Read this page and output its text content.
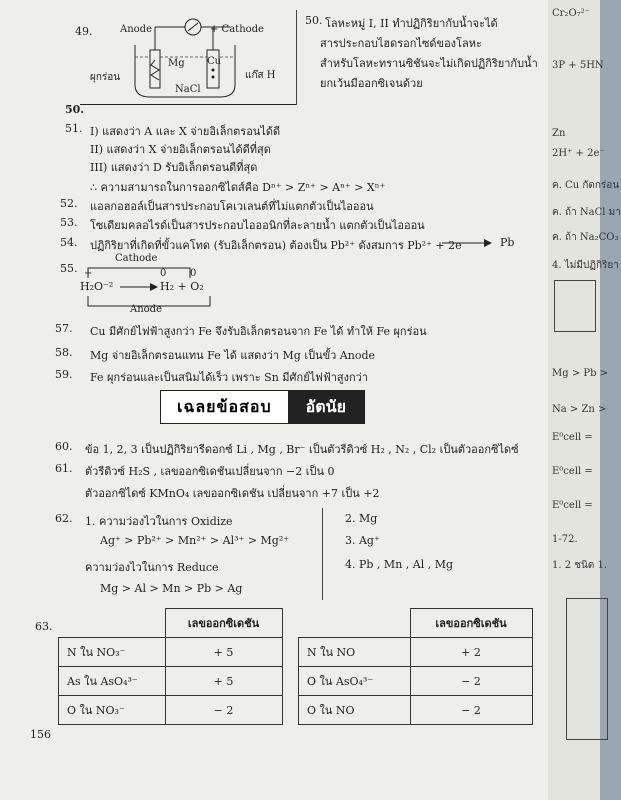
49.	Anode	+ Cathode
Mg Cu
ผุกร่อน	แก๊ส H
NaCl
50. โลหะหมู่ I, II ทำปฏิกิริยากับน้ำจะได้
สารประกอบไฮดรอกไซด์ของโลหะ
สำหรับโลหะทรานซิชันจะไม่เกิดปฏิกิริยากับน้ำ
ยกเว้นมีออกซิเจนด้วย
50.
51. I) แสดงว่า A และ X จ่ายอิเล็กตรอนได้ดี
II) แสดงว่า X จ่ายอิเล็กตรอนได้ดีที่สุด
III) แสดงว่า D รับอิเล็กตรอนดีที่สุด
∴ ความสามารถในการออกซิไดส์คือ Dⁿ⁺ > Zⁿ⁺ > Aⁿ⁺ > Xⁿ⁺
52. แอลกอฮอล์เป็นสารประกอบโคเวเลนต์ที่ไม่แตกตัวเป็นไอออน
53. โซเดียมคลอไรด์เป็นสารประกอบไอออนิกที่ละลายน้ำ แตกตัวเป็นไอออน
54. ปฏิกิริยาที่เกิดที่ขั้วแคโทด (รับอิเล็กตรอน) ต้องเป็น Pb²⁺ ดังสมการ Pb²⁺ + 2e⁻	Pb
55.
Cathode
+	0 0
H₂O⁻²	H₂ + O₂
Anode
57. Cu มีศักย์ไฟฟ้าสูงกว่า Fe จึงรับอิเล็กตรอนจาก Fe ได้ ทำให้ Fe ผุกร่อน
58. Mg จ่ายอิเล็กตรอนแทน Fe ได้ แสดงว่า Mg เป็นขั้ว Anode
59. Fe ผุกร่อนและเป็นสนิมได้เร็ว เพราะ Sn มีศักย์ไฟฟ้าสูงกว่า
เฉลยข้อสอบ	อัตนัย
60. ข้อ 1, 2, 3 เป็นปฏิกิริยารีดอกซ์ Li , Mg , Br⁻ เป็นตัวรีดิวซ์ H₂ , N₂ , Cl₂ เป็นตัวออกซิไดซ์
61. ตัวรีดิวซ์ H₂S , เลขออกซิเดชันเปลี่ยนจาก −2 เป็น 0
ตัวออกซิไดซ์ KMnO₄ เลขออกซิเดชัน เปลี่ยนจาก +7 เป็น +2
62. 1. ความว่องไวในการ Oxidize
Ag⁺ > Pb²⁺ > Mn²⁺ > Al³⁺ > Mg²⁺
ความว่องไวในการ Reduce
Mg > Al > Mn > Pb > Ag
2. Mg
3. Ag⁺
4. Pb , Mn , Al , Mg
63.
		เลขออกซิเดชัน
N ใน NO₃⁻	+ 5
As ใน AsO₄³⁻	+ 5
O ใน NO₃⁻	− 2
	เลขออกซิเดชัน
N ใน NO	+ 2
O ใน AsO₄³⁻	− 2
O ใน NO	− 2
156
Cr₂O₇²⁻
3P + 5HN
Zn
2H⁺ + 2e⁻
ค. Cu กัดกร่อน
ค. ถ้า NaCl มา
ค. ถ้า Na₂CO₃
4. ไม่มีปฏิกิริยา
Mg > Pb >
Na > Zn >
E⁰cell =
E⁰cell =
E⁰cell =
1-72.
1. 2 ชนิด 1.
